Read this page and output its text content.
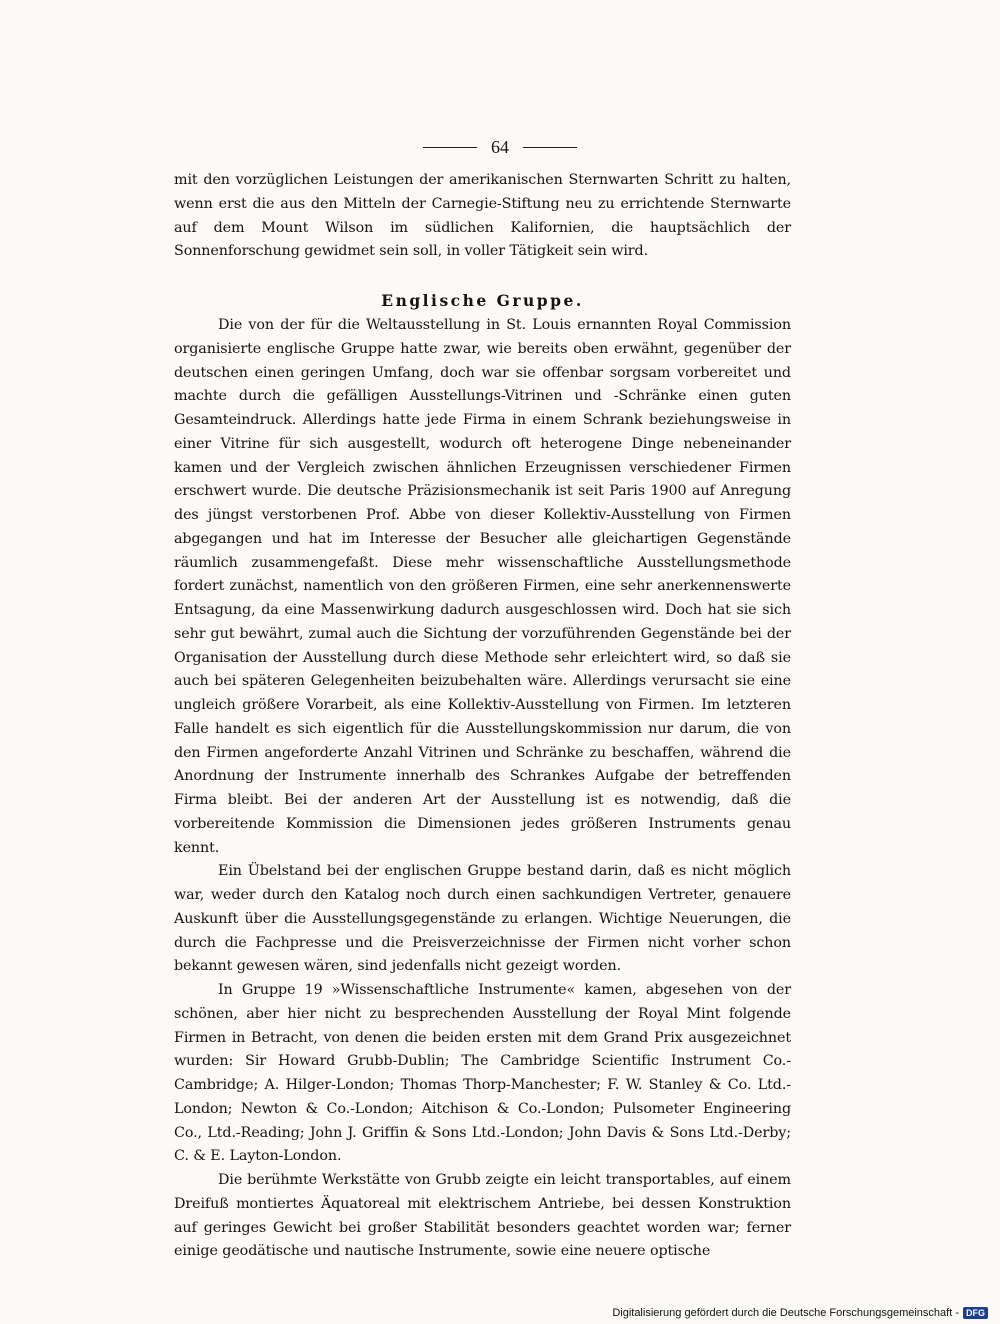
64

mit den vorzüglichen Leistungen der amerikanischen Sternwarten Schritt zu halten, wenn erst die aus den Mitteln der Carnegie-Stiftung neu zu errichtende Sternwarte auf dem Mount Wilson im südlichen Kalifornien, die hauptsächlich der Sonnenforschung gewidmet sein soll, in voller Tätigkeit sein wird.

Englische Gruppe.

Die von der für die Weltausstellung in St. Louis ernannten Royal Commission organisierte englische Gruppe hatte zwar, wie bereits oben erwähnt, gegenüber der deutschen einen geringen Umfang, doch war sie offenbar sorgsam vorbereitet und machte durch die gefälligen Ausstellungs-Vitrinen und -Schränke einen guten Gesamteindruck. Allerdings hatte jede Firma in einem Schrank beziehungsweise in einer Vitrine für sich ausgestellt, wodurch oft heterogene Dinge nebeneinander kamen und der Vergleich zwischen ähnlichen Erzeugnissen verschiedener Firmen erschwert wurde. Die deutsche Präzisionsmechanik ist seit Paris 1900 auf Anregung des jüngst verstorbenen Prof. Abbe von dieser Kollektiv-Ausstellung von Firmen abgegangen und hat im Interesse der Besucher alle gleichartigen Gegenstände räumlich zusammengefaßt. Diese mehr wissenschaftliche Ausstellungsmethode fordert zunächst, namentlich von den größeren Firmen, eine sehr anerkennenswerte Entsagung, da eine Massenwirkung dadurch ausgeschlossen wird. Doch hat sie sich sehr gut bewährt, zumal auch die Sichtung der vorzuführenden Gegenstände bei der Organisation der Ausstellung durch diese Methode sehr erleichtert wird, so daß sie auch bei späteren Gelegenheiten beizubehalten wäre. Allerdings verursacht sie eine ungleich größere Vorarbeit, als eine Kollektiv-Ausstellung von Firmen. Im letzteren Falle handelt es sich eigentlich für die Ausstellungskommission nur darum, die von den Firmen angeforderte Anzahl Vitrinen und Schränke zu beschaffen, während die Anordnung der Instrumente innerhalb des Schrankes Aufgabe der betreffenden Firma bleibt. Bei der anderen Art der Ausstellung ist es notwendig, daß die vorbereitende Kommission die Dimensionen jedes größeren Instruments genau kennt.

Ein Übelstand bei der englischen Gruppe bestand darin, daß es nicht möglich war, weder durch den Katalog noch durch einen sachkundigen Vertreter, genauere Auskunft über die Ausstellungsgegenstände zu erlangen. Wichtige Neuerungen, die durch die Fachpresse und die Preisverzeichnisse der Firmen nicht vorher schon bekannt gewesen wären, sind jedenfalls nicht gezeigt worden.

In Gruppe 19 »Wissenschaftliche Instrumente« kamen, abgesehen von der schönen, aber hier nicht zu besprechenden Ausstellung der Royal Mint folgende Firmen in Betracht, von denen die beiden ersten mit dem Grand Prix ausgezeichnet wurden: Sir Howard Grubb-Dublin; The Cambridge Scientific Instrument Co.-Cambridge; A. Hilger-London; Thomas Thorp-Manchester; F. W. Stanley & Co. Ltd.-London; Newton & Co.-London; Aitchison & Co.-London; Pulsometer Engineering Co., Ltd.-Reading; John J. Griffin & Sons Ltd.-London; John Davis & Sons Ltd.-Derby; C. & E. Layton-London.

Die berühmte Werkstätte von Grubb zeigte ein leicht transportables, auf einem Dreifuß montiertes Äquatoreal mit elektrischem Antriebe, bei dessen Konstruktion auf geringes Gewicht bei großer Stabilität besonders geachtet worden war; ferner einige geodätische und nautische Instrumente, sowie eine neuere optische

Digitalisierung gefördert durch die Deutsche Forschungsgemeinschaft - DFG
